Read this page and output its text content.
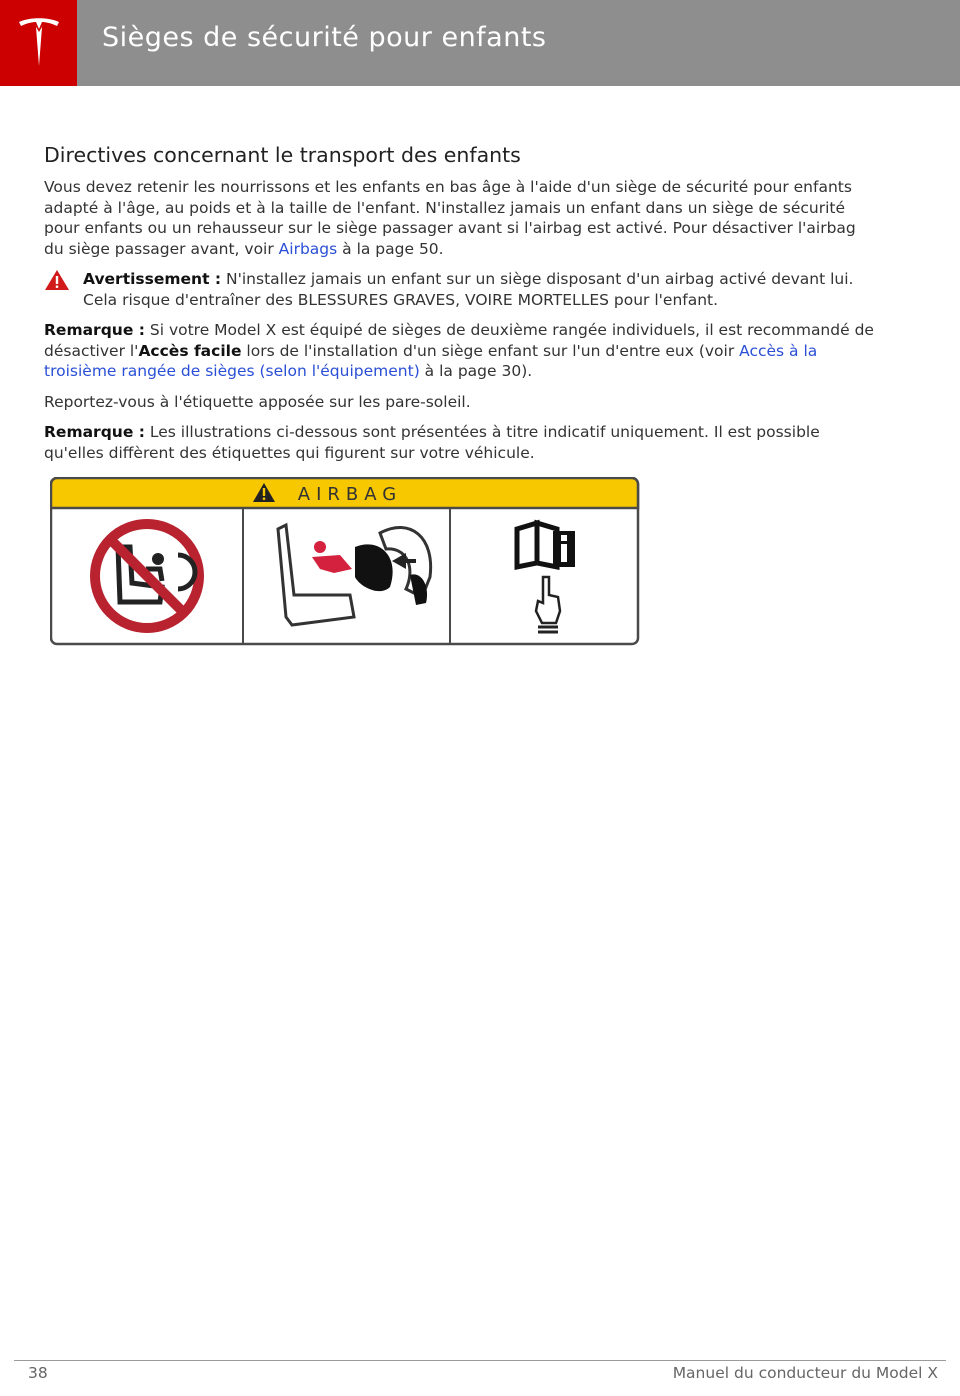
Sièges de sécurité pour enfants
Directives concernant le transport des enfants

Vous devez retenir les nourrissons et les enfants en bas âge à l'aide d'un siège de sécurité pour enfants adapté à l'âge, au poids et à la taille de l'enfant. N'installez jamais un enfant dans un siège de sécurité pour enfants ou un rehausseur sur le siège passager avant si l'airbag est activé. Pour désactiver l'airbag du siège passager avant, voir Airbags à la page 50.

Avertissement : N'installez jamais un enfant sur un siège disposant d'un airbag activé devant lui. Cela risque d'entraîner des BLESSURES GRAVES, VOIRE MORTELLES pour l'enfant.

Remarque : Si votre Model X est équipé de sièges de deuxième rangée individuels, il est recommandé de désactiver l'Accès facile lors de l'installation d'un siège enfant sur l'un d'entre eux (voir Accès à la troisième rangée de sièges (selon l'équipement) à la page 30).

Reportez-vous à l'étiquette apposée sur les pare-soleil.

Remarque : Les illustrations ci-dessous sont présentées à titre indicatif uniquement. Il est possible qu'elles diffèrent des étiquettes qui figurent sur votre véhicule.

AIRBAG
38	Manuel du conducteur du Model X
